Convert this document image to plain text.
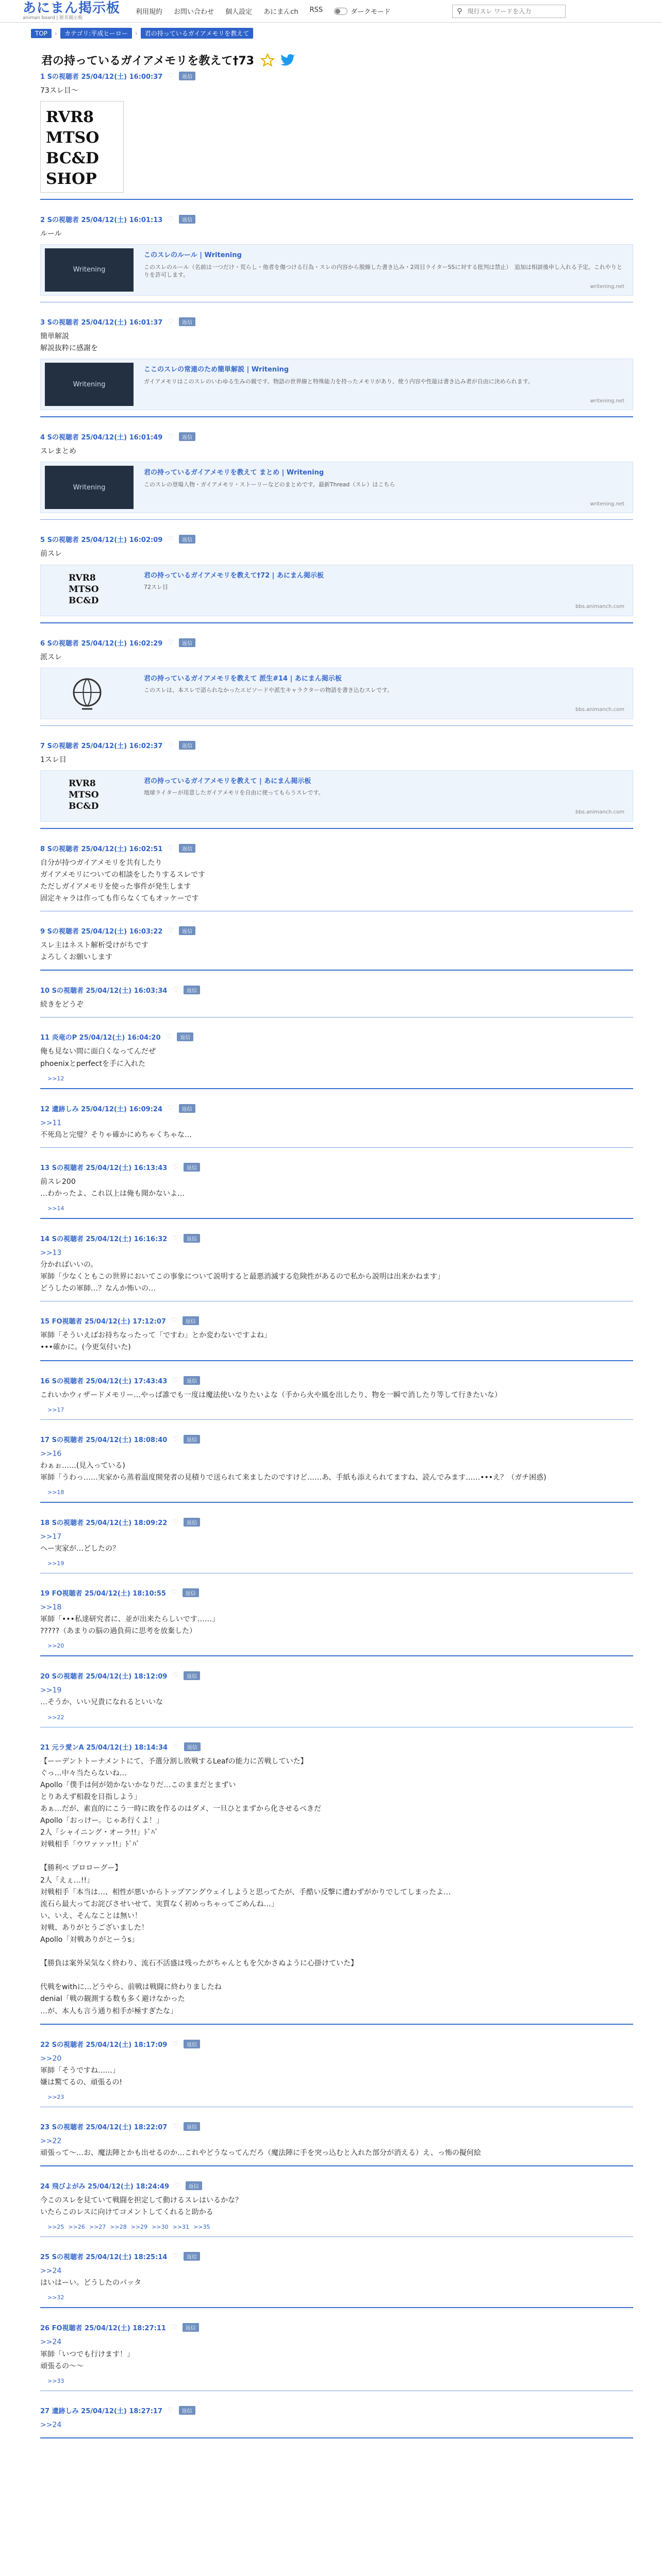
あにまん掲示板
animan board | 匿名掲示板
利用規約 お問い合わせ 個人設定 あにまんch RSS	ダークモード	⚲
現行スレ ワードを入力
TOP	›	カテゴリ:平成ヒーロー	›	君の持っているガイアメモリを教えて
君の持っているガイアメモリを教えて†73
1 Sの視聴者 25/04/12(土) 16:00:37 ♡	返信

73スレ目〜

RVR8
MTSO
BC&D
SHOP
2 Sの視聴者 25/04/12(土) 16:01:13 ♡	返信

ルール

Writening
このスレのルール | Writening
このスレのルール（名前は一つだけ・荒らし・他者を傷つける行為・スレの内容から脱線した書き込み・2周目ライターSSに対する批判は禁止）　追加は相談後申し入れる予定。これやりとりを許可します。
writening.net
3 Sの視聴者 25/04/12(土) 16:01:37 ♡	返信

簡単解説

解説抜粋に感謝を

Writening
ここのスレの常連のため簡単解説 | Writening
ガイアメモリはこのスレのいわゆる生みの親です。物語の世界線と特殊能力を持ったメモリがあり、使う内容や性能は書き込み者が自由に決められます。
writening.net
4 Sの視聴者 25/04/12(土) 16:01:49 ♡	返信

スレまとめ

Writening
君の持っているガイアメモリを教えて まとめ | Writening
このスレの登場人物・ガイアメモリ・ストーリーなどのまとめです。最新Thread（スレ）はこちら
writening.net
5 Sの視聴者 25/04/12(土) 16:02:09 ♡	返信

前スレ

RVR8
MTSO
BC&D
君の持っているガイアメモリを教えて†72 | あにまん掲示板
72スレ目
bbs.animanch.com
6 Sの視聴者 25/04/12(土) 16:02:29 ♡	返信

派スレ

君の持っているガイアメモリを教えて 派生#14 | あにまん掲示板
このスレは、本スレで語られなかったエピソードや派生キャラクターの物語を書き込むスレです。
bbs.animanch.com
7 Sの視聴者 25/04/12(土) 16:02:37 ♡	返信

1スレ目

RVR8
MTSO
BC&D
君の持っているガイアメモリを教えて | あにまん掲示板
地球ライターが用意したガイアメモリを自由に使ってもらうスレです。
bbs.animanch.com
8 Sの視聴者 25/04/12(土) 16:02:51 ♡	返信

自分が持つガイアメモリを共有したり

ガイアメモリについての相談をしたりするスレです

ただしガイアメモリを使った事件が発生します

固定キャラは作っても作らなくてもオッケーです

9 Sの視聴者 25/04/12(土) 16:03:22 ♡	返信

スレ主はネスト解析受けがちです

よろしくお願いします

10 Sの視聴者 25/04/12(土) 16:03:34 ♡	返信

続きをどうぞ

11 炎竜のP 25/04/12(土) 16:04:20 ♡	返信

俺も見ない間に面白くなってんだぜ

phoenixとperfectを手に入れた

>>12
12 遺跡しみ 25/04/12(土) 16:09:24 ♡	返信

>>11

不死鳥と完璧？そりゃ確かにめちゃくちゃな…

13 Sの視聴者 25/04/12(土) 16:13:43 ♡	返信

前スレ200

…わかったよ、これ以上は俺も聞かないよ…

>>14
14 Sの視聴者 25/04/12(土) 16:16:32 ♡	返信

>>13

分かればいいの。

軍師「少なくともこの世界においてこの事象について説明すると最悪消滅する危険性があるので私から説明は出来かねます」

どうしたの軍師…？なんか怖いの…

15 FO視聴者 25/04/12(土) 17:12:07 ♡	返信

軍師「そういえばお持ちなったって「ですわ」とか変わないですよね」

•••確かに。(今更気付いた)

16 Sの視聴者 25/04/12(土) 17:43:43 ♡	返信

これいかウィザードメモリー…やっぱ誰でも一度は魔法使いなりたいよな（手から火や風を出したり、物を一瞬で消したり等して行きたいな）

>>17
17 Sの視聴者 25/04/12(土) 18:08:40 ♡	返信

>>16

わぁぉ……(見入っている)

軍師「うわっ……実家から蒸着温度開発者の見積りで送られて来ましたのですけど……あ、手紙も添えられてますね、読んでみます……•••え？（ガチ困惑)

>>18
18 Sの視聴者 25/04/12(土) 18:09:22 ♡	返信

>>17

へー実家が…どしたの？

>>19
19 FO視聴者 25/04/12(土) 18:10:55 ♡	返信

>>18

軍師「•••私達研究者に、並が出来たらしいです……」

?????（あまりの脳の過負荷に思考を放棄した）

>>20
20 Sの視聴者 25/04/12(土) 18:12:09 ♡	返信

>>19

…そうか、いい兄貴になれるといいな

>>22
21 元ラ愛ンA 25/04/12(土) 18:14:34 ♡	返信

【ーーデントトーナメントにて、予選分割し敗戦するLeafの能力に苦戦していた】

ぐっ…中々当たらないね…

Apollo「僕手は何が効かないかなりだ…このままだとまずい

とりあえず相殺を目指しよう」

あぁ…だが、素直的にこう一時に敗を作るのはダメ、一旦ひとまずから化させるべきだ

Apollo「おっけー。じゃあ行くよ！」

2人「シャイニング・オーラ!!」ﾄﾞﾊﾞ

対戦相手「ウワァァァ!!」ﾄﾞﾊﾞ

【勝利ぺ プロローグー】

2人「えぇ…!!」

対戦相手「本当は…、相性が悪いからトップアングウェイしようと思ってたが、手酷い反撃に遭わずがかりでしてしまったよ…

流石ら最大ってお詫びさせいせて、実質なく初めっちゃってごめんね…」

い、いえ、そんなことは無い！

対戦、ありがとうございました！

Apollo「対戦ありがとーうs」

【勝負は案外呆気なく終わり、流石不活盛は残ったがちゃんともを欠かさぬように心掛けていた】

代戦をwithに…どうやら、前戦は戦闘に終わりましたね

denial「戦の観測する数も多く避けなかった

…が、本人も言う通り相手が極すぎたな」

22 Sの視聴者 25/04/12(土) 18:17:09 ♡	返信

>>20

軍師「そうですね……」

嫌は驚てるの、頑張るの!

>>23
23 Sの視聴者 25/04/12(土) 18:22:07 ♡	返信

>>22

頑張って〜…お、魔法陣とかも出せるのか…これやどうなってんだろ（魔法陣に手を突っ込むと入れた部分が消える）え、っ怖の擬何絵

24 飛びよがみ 25/04/12(土) 18:24:49 ♡	返信

今このスレを見ていて戦闘を担定して動けるスレはいるかな？

いたらこのレスに向けてコメントしてくれると助かる

>>25 >>26 >>27 >>28 >>29 >>30 >>31 >>35
25 Sの視聴者 25/04/12(土) 18:25:14 ♡	返信

>>24

はいはーい。どうしたのパッタ

>>32
26 FO視聴者 25/04/12(土) 18:27:11 ♡	返信

>>24

軍師「いつでも行けます！」

頑張るの〜〜

>>33
27 遺跡しみ 25/04/12(土) 18:27:17 ♡	返信

>>24
